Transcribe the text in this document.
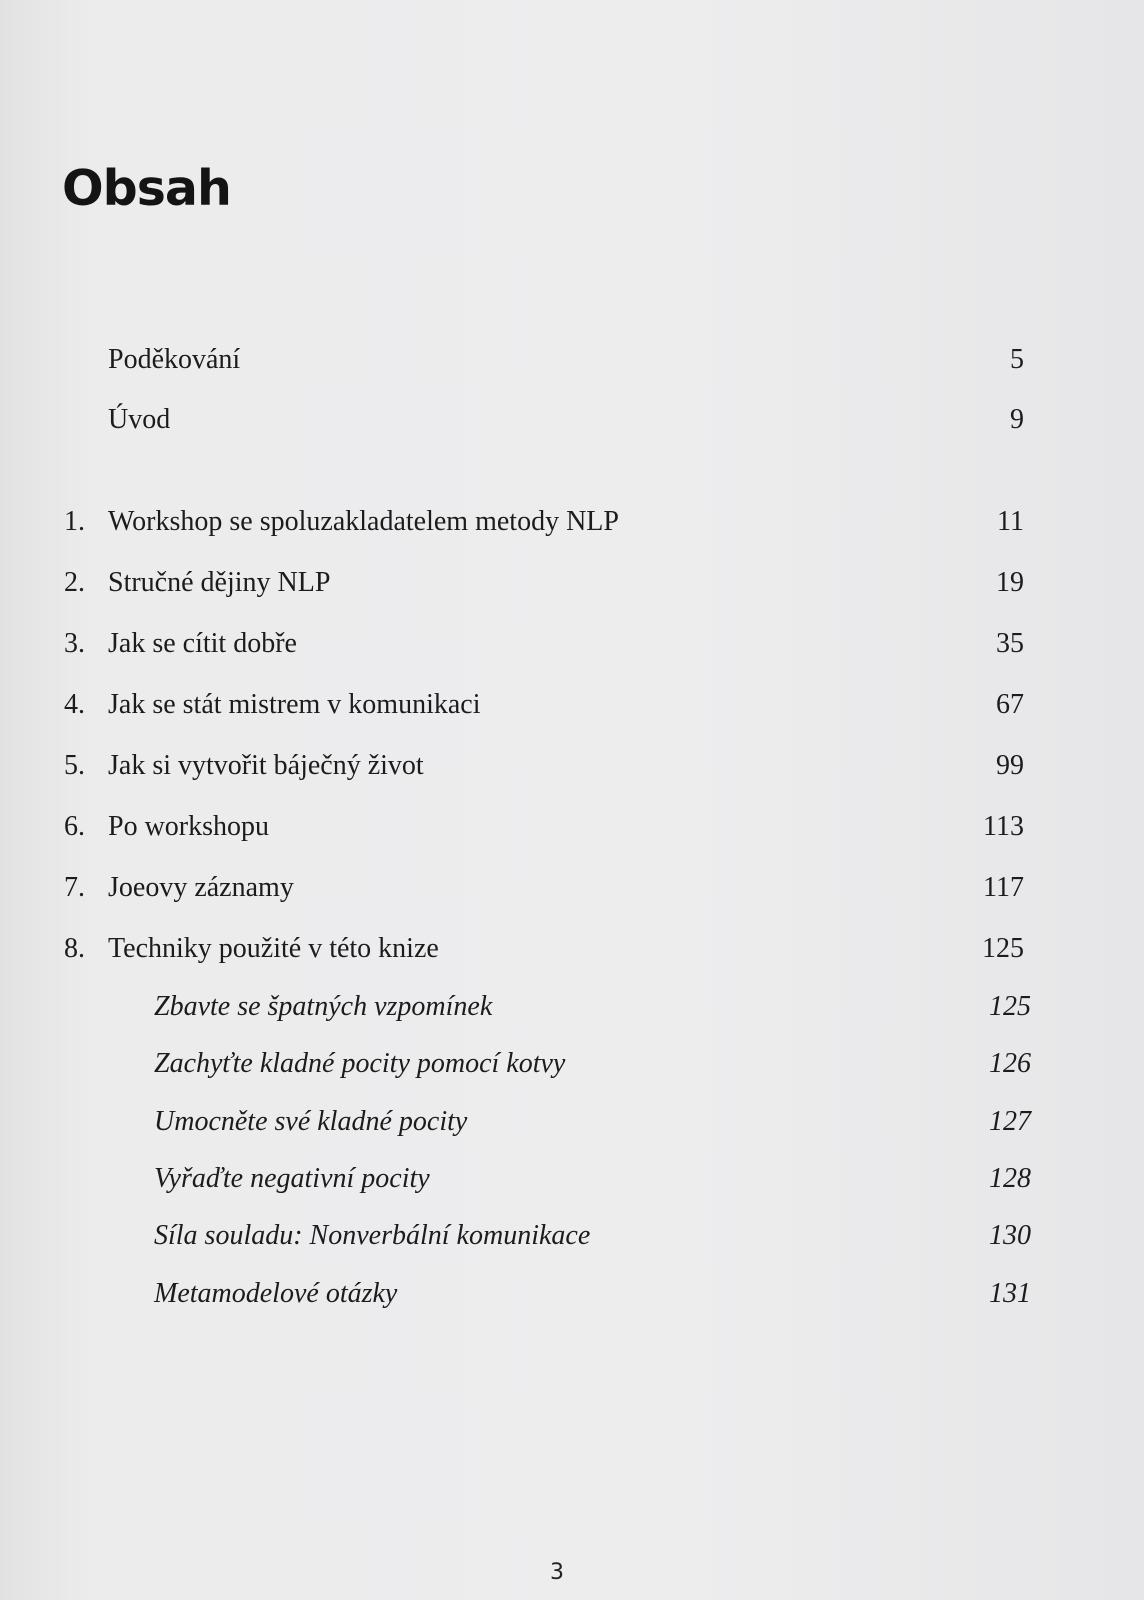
Obsah
Poděkování	5
Úvod	9
1. Workshop se spoluzakladatelem metody NLP	11
2. Stručné dějiny NLP	19
3. Jak se cítit dobře	35
4. Jak se stát mistrem v komunikaci	67
5. Jak si vytvořit báječný život	99
6. Po workshopu	113
7. Joeovy záznamy	117
8. Techniky použité v této knize	125
Zbavte se špatných vzpomínek	125
Zachyťte kladné pocity pomocí kotvy	126
Umocněte své kladné pocity	127
Vyřaďte negativní pocity	128
Síla souladu: Nonverbální komunikace	130
Metamodelové otázky	131
3
